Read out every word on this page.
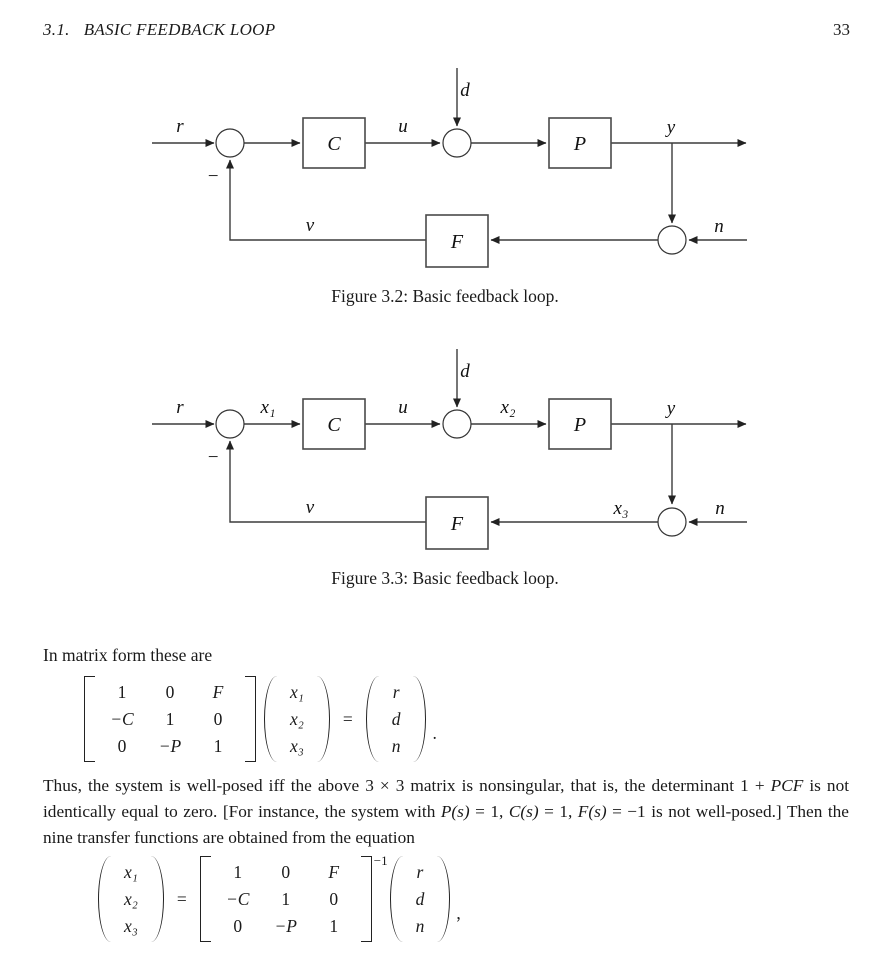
3.1. BASIC FEEDBACK LOOP	33
C	P
F
r	u
d
y
n
v
−
Figure 3.2: Basic feedback loop.
C	P
F
r	x₁	u
d
x₂	y
x₃	n
v
−
Figure 3.3: Basic feedback loop.
In matrix form these are
1 0 F
−C 1 0
0 −P 1
x₁
x₂
x₃
=
r
d
n
.
Thus, the system is well-posed iff the above 3 × 3 matrix is nonsingular, that is, the determinant 1 + PCF is not identically equal to zero. [For instance, the system with P(s) = 1, C(s) = 1, F(s) = −1 is not well-posed.] Then the nine transfer functions are obtained from the equation
x₁
x₂
x₃
=
1 0 F
−C 1 0
0 −P 1
−1
r
d
n
,
